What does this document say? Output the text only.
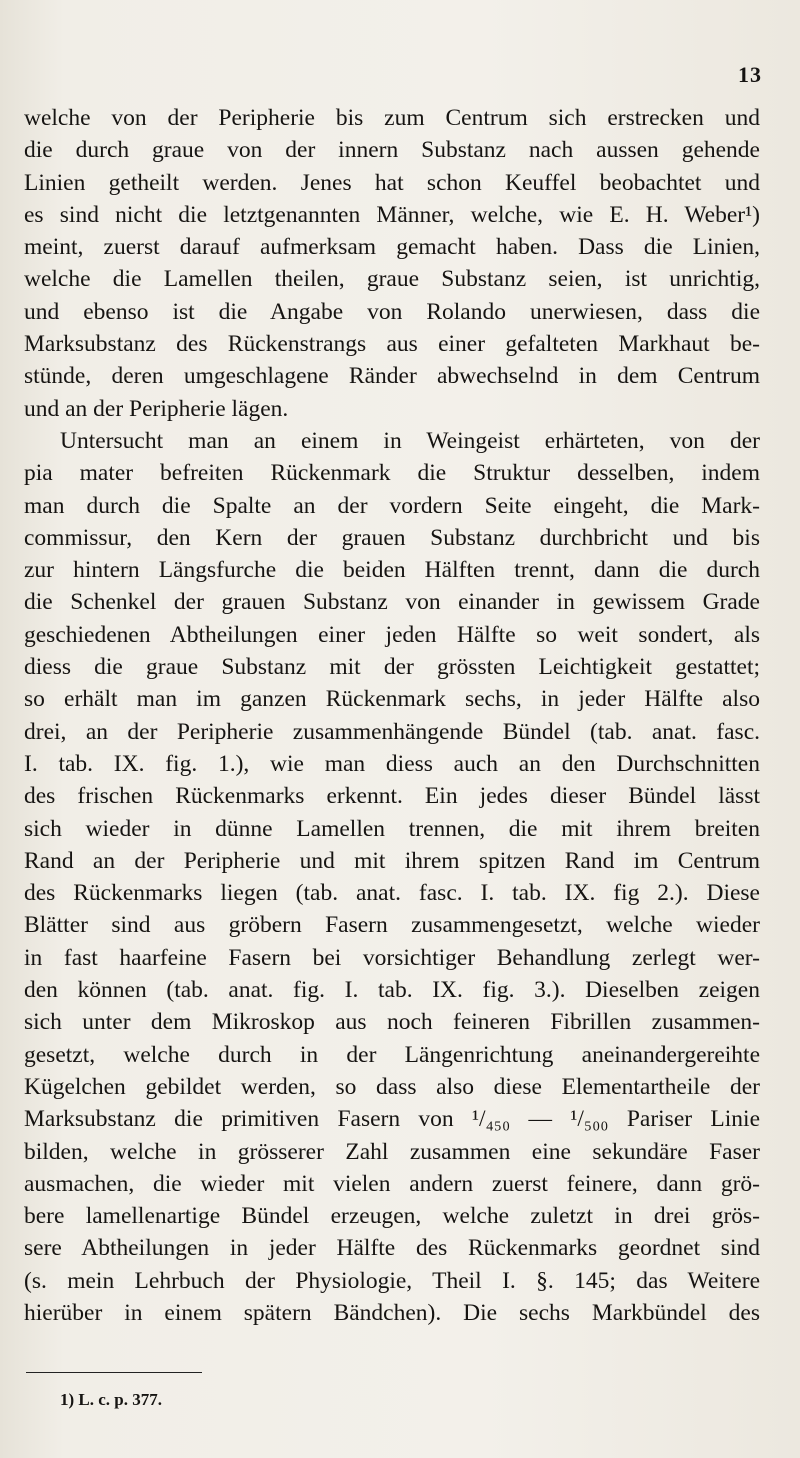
13
welche von der Peripherie bis zum Centrum sich erstrecken und
die durch graue von der innern Substanz nach aussen gehende
Linien getheilt werden. Jenes hat schon Keuffel beobachtet und
es sind nicht die letztgenannten Männer, welche, wie E. H. Weber¹)
meint, zuerst darauf aufmerksam gemacht haben. Dass die Linien,
welche die Lamellen theilen, graue Substanz seien, ist unrichtig,
und ebenso ist die Angabe von Rolando unerwiesen, dass die
Marksubstanz des Rückenstrangs aus einer gefalteten Markhaut be-
stünde, deren umgeschlagene Ränder abwechselnd in dem Centrum
und an der Peripherie lägen.
Untersucht man an einem in Weingeist erhärteten, von der
pia mater befreiten Rückenmark die Struktur desselben, indem
man durch die Spalte an der vordern Seite eingeht, die Mark-
commissur, den Kern der grauen Substanz durchbricht und bis
zur hintern Längsfurche die beiden Hälften trennt, dann die durch
die Schenkel der grauen Substanz von einander in gewissem Grade
geschiedenen Abtheilungen einer jeden Hälfte so weit sondert, als
diess die graue Substanz mit der grössten Leichtigkeit gestattet;
so erhält man im ganzen Rückenmark sechs, in jeder Hälfte also
drei, an der Peripherie zusammenhängende Bündel (tab. anat. fasc.
I. tab. IX. fig. 1.), wie man diess auch an den Durchschnitten
des frischen Rückenmarks erkennt. Ein jedes dieser Bündel lässt
sich wieder in dünne Lamellen trennen, die mit ihrem breiten
Rand an der Peripherie und mit ihrem spitzen Rand im Centrum
des Rückenmarks liegen (tab. anat. fasc. I. tab. IX. fig 2.). Diese
Blätter sind aus gröbern Fasern zusammengesetzt, welche wieder
in fast haarfeine Fasern bei vorsichtiger Behandlung zerlegt wer-
den können (tab. anat. fig. I. tab. IX. fig. 3.). Dieselben zeigen
sich unter dem Mikroskop aus noch feineren Fibrillen zusammen-
gesetzt, welche durch in der Längenrichtung aneinandergereihte
Kügelchen gebildet werden, so dass also diese Elementartheile der
Marksubstanz die primitiven Fasern von ¹/₄₅₀ — ¹/₅₀₀ Pariser Linie
bilden, welche in grösserer Zahl zusammen eine sekundäre Faser
ausmachen, die wieder mit vielen andern zuerst feinere, dann grö-
bere lamellenartige Bündel erzeugen, welche zuletzt in drei grös-
sere Abtheilungen in jeder Hälfte des Rückenmarks geordnet sind
(s. mein Lehrbuch der Physiologie, Theil I. §. 145; das Weitere
hierüber in einem spätern Bändchen). Die sechs Markbündel des
1) L. c. p. 377.
